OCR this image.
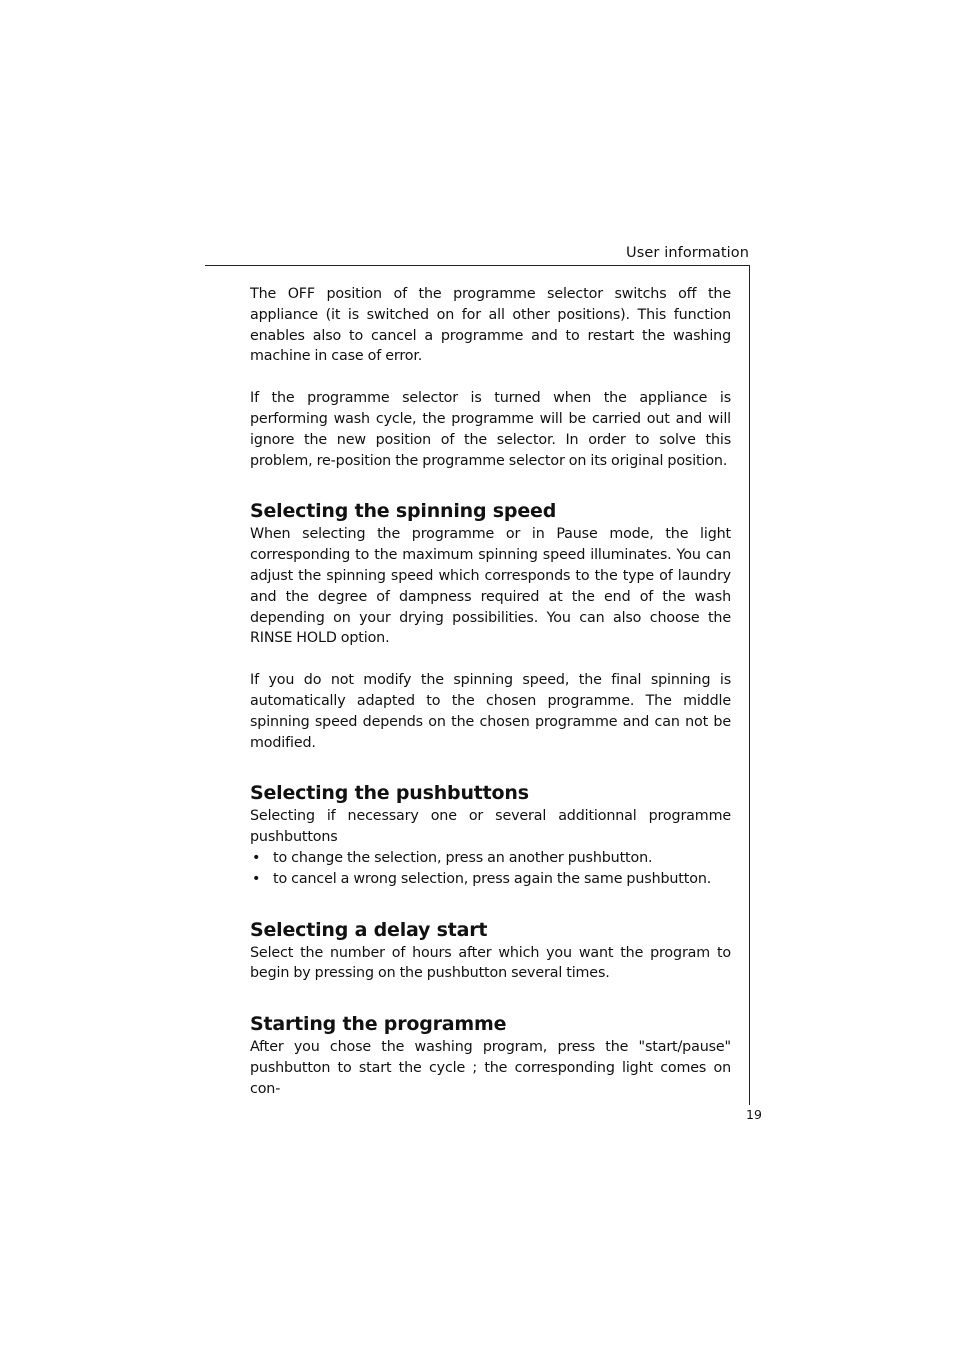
User information

The OFF position of the programme selector switchs off the appliance (it is switched on for all other positions). This function enables also to cancel a programme and to restart the washing machine in case of error.

If the programme selector is turned when the appliance is performing wash cycle, the programme will be carried out and will ignore the new position of the selector. In order to solve this problem, re-position the programme selector on its original position.

Selecting the spinning speed

When selecting the programme or in Pause mode, the light corresponding to the maximum spinning speed illuminates. You can adjust the spinning speed which corresponds to the type of laundry and the degree of dampness required at the end of the wash depending on your drying possibilities. You can also choose the RINSE HOLD option.

If you do not modify the spinning speed, the final spinning is automatically adapted to the chosen programme. The middle spinning speed depends on the chosen programme and can not be modified.

Selecting the pushbuttons

Selecting if necessary one or several additionnal programme pushbuttons

• to change the selection, press an another pushbutton.
• to cancel a wrong selection, press again the same pushbutton.
Selecting a delay start

Select the number of hours after which you want the program to begin by pressing on the pushbutton several times.

Starting the programme

After you chose the washing program, press the "start/pause" pushbutton to start the cycle ; the corresponding light comes on con-

19
